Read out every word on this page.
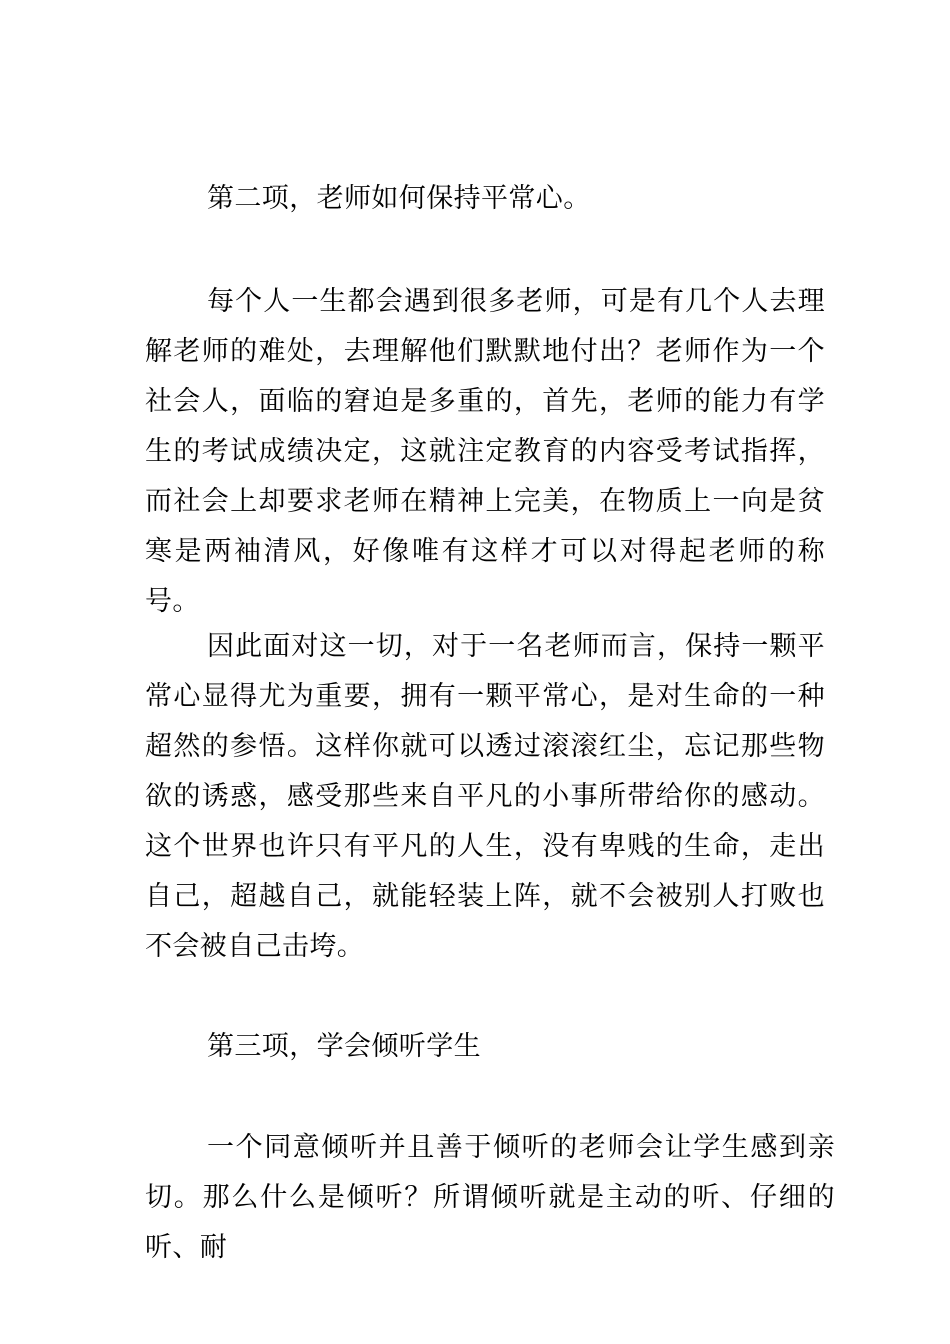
第二项，老师如何保持平常心。

每个人一生都会遇到很多老师，可是有几个人去理解老师的难处，去理解他们默默地付出？老师作为一个社会人，面临的窘迫是多重的，首先，老师的能力有学生的考试成绩决定，这就注定教育的内容受考试指挥，而社会上却要求老师在精神上完美，在物质上一向是贫寒是两袖清风，好像唯有这样才可以对得起老师的称号。

因此面对这一切，对于一名老师而言，保持一颗平常心显得尤为重要，拥有一颗平常心，是对生命的一种超然的参悟。这样你就可以透过滚滚红尘，忘记那些物欲的诱惑，感受那些来自平凡的小事所带给你的感动。这个世界也许只有平凡的人生，没有卑贱的生命，走出自己，超越自己，就能轻装上阵，就不会被别人打败也不会被自己击垮。

第三项，学会倾听学生

一个同意倾听并且善于倾听的老师会让学生感到亲切。那么什么是倾听？所谓倾听就是主动的听、仔细的听、耐
